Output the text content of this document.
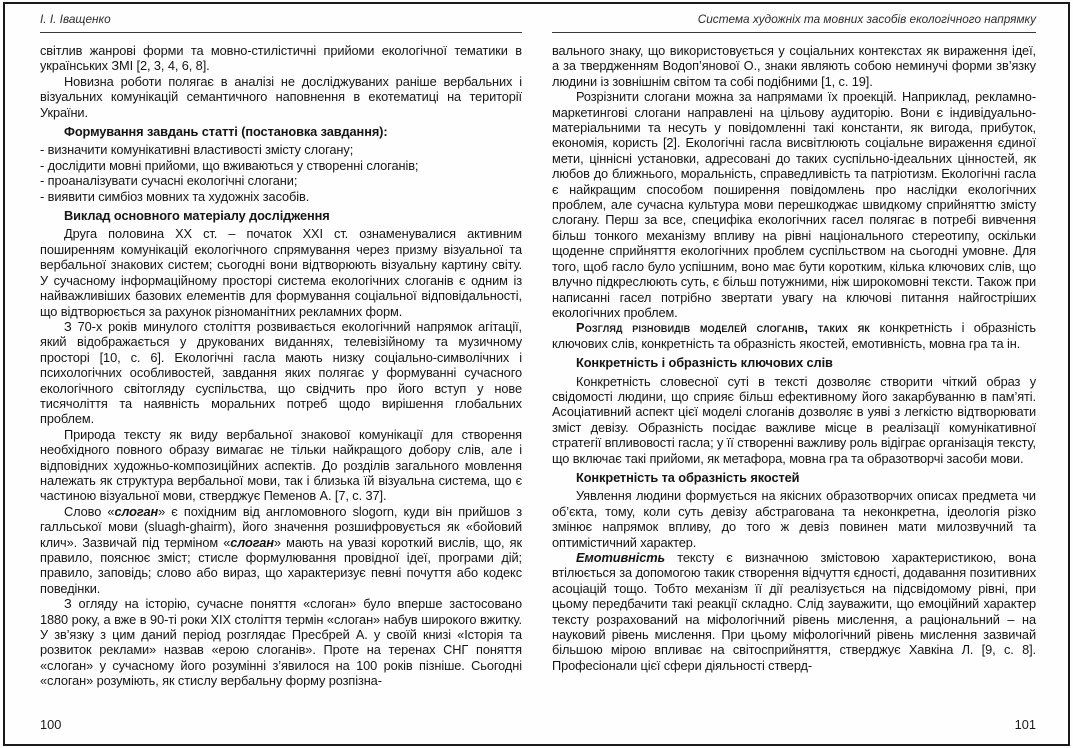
І. І. Іващенко

світлив жанрові форми та мовно-стилістичні прийоми екологічної тематики в українських ЗМІ [2, 3, 4, 6, 8].

Новизна роботи полягає в аналізі не досліджуваних раніше вербальних і візуальних комунікацій семантичного наповнення в екотематиці на території України.

Формування завдань статті (постановка завдання):

- визначити комунікативні властивості змісту слогану;

- дослідити мовні прийоми, що вживаються у створенні слоганів;

- проаналізувати сучасні екологічні слогани;

- виявити симбіоз мовних та художніх засобів.

Виклад основного матеріалу дослідження

Друга половина ХХ ст. – початок ХХІ ст. ознаменувалися активним поширенням комунікацій екологічного спрямування через призму візуальної та вербальної знакових систем; сьогодні вони відтворюють візуальну картину світу. У сучасному інформаційному просторі система екологічних слоганів є одним із найважливіших базових елементів для формування соціальної відповідальності, що відтворюється за рахунок різноманітних рекламних форм.

З 70-х років минулого століття розвивається екологічний напрямок агітації, який відображається у друкованих виданнях, телевізійному та музичному просторі [10, с. 6]. Екологічні гасла мають низку соціально-символічних і психологічних особливостей, завдання яких полягає у формуванні сучасного екологічного світогляду суспільства, що свідчить про його вступ у нове тисячоліття та наявність моральних потреб щодо вирішення глобальних проблем.

Природа тексту як виду вербальної знакової комунікації для створення необхідного повного образу вимагає не тільки найкращого добору слів, але і відповідних художньо-композиційних аспектів. До розділів загального мовлення належать як структура вербальної мови, так і близька їй візуальна система, що є частиною візуальної мови, стверджує Пеменов А. [7, с. 37].

Слово «слоган» є похідним від англомовного slogorn, куди він прийшов з галльської мови (sluagh-ghairm), його значення розшифровується як «бойовий клич». Зазвичай під терміном «слоган» мають на увазі короткий вислів, що, як правило, пояснює зміст; стисле формулювання провідної ідеї, програми дій; правило, заповідь; слово або вираз, що характеризує певні почуття або кодекс поведінки.

З огляду на історію, сучасне поняття «слоган» було вперше застосовано 1880 року, а вже в 90-ті роки ХІХ століття термін «слоган» набув широкого вжитку. У зв’язку з цим даний період розглядає Пресбрей А. у своїй книзі «Історія та розвиток реклами» назвав «ерою слоганів». Проте на теренах СНГ поняття «слоган» у сучасному його розумінні з’явилося на 100 років пізніше. Сьогодні «слоган» розуміють, як стислу вербальну форму розпізна-

100
Система художніх та мовних засобів екологічного напрямку

вального знаку, що використовується у соціальних контекстах як вираження ідеї, а за твердженням Водоп’янової О., знаки являють собою неминучі форми зв’язку людини із зовнішнім світом та собі подібними [1, с. 19].

Розрізнити слогани можна за напрямами їх проекцій. Наприклад, рекламно-маркетингові слогани направлені на цільову аудиторію. Вони є індивідуально-матеріальними та несуть у повідомленні такі константи, як вигода, прибуток, економія, користь [2]. Екологічні гасла висвітлюють соціальне вираження єдиної мети, ціннісні установки, адресовані до таких суспільно-ідеальних цінностей, як любов до ближнього, моральність, справедливість та патріотизм. Екологічні гасла є найкращим способом поширення повідомлень про наслідки екологічних проблем, але сучасна культура мови перешкоджає швидкому сприйняттю змісту слогану. Перш за все, специфіка екологічних гасел полягає в потребі вивчення більш тонкого механізму впливу на рівні національного стереотипу, оскільки щоденне сприйняття екологічних проблем суспільством на сьогодні умовне. Для того, щоб гасло було успішним, воно має бути коротким, кілька ключових слів, що влучно підкреслюють суть, є більш потужними, ніж широкомовні тексти. Також при написанні гасел потрібно звертати увагу на ключові питання найгостріших екологічних проблем.

Розгляд різновидів моделей слоганів, таких як конкретність і образність ключових слів, конкретність та образність якостей, емотивність, мовна гра та ін.

Конкретність і образність ключових слів

Конкретність словесної суті в тексті дозволяє створити чіткий образ у свідомості людини, що сприяє більш ефективному його закарбуванню в пам’яті. Асоціативний аспект цієї моделі слоганів дозволяє в уяві з легкістю відтворювати зміст девізу. Образність посідає важливе місце в реалізації комунікативної стратегії впливовості гасла; у її створенні важливу роль відіграє організація тексту, що включає такі прийоми, як метафора, мовна гра та образотворчі засоби мови.

Конкретність та образність якостей

Уявлення людини формується на якісних образотворчих описах предмета чи об’єкта, тому, коли суть девізу абстрагована та неконкретна, ідеологія різко змінює напрямок впливу, до того ж девіз повинен мати милозвучний та оптимістичний характер.

Емотивність тексту є визначною змістовою характеристикою, вона втілюється за допомогою такик створення відчуття єдності, додавання позитивних асоціацій тощо. Тобто механізм її дії реалізується на підсвідомому рівні, при цьому передбачити такі реакції складно. Слід зауважити, що емоційний характер тексту розрахований на міфологічний рівень мислення, а раціональний – на науковий рівень мислення. При цьому міфологічний рівень мислення зазвичай більшою мірою впливає на світосприйняття, стверджує Хавкіна Л. [9, с. 8]. Професіонали цієї сфери діяльності стверд-

101
